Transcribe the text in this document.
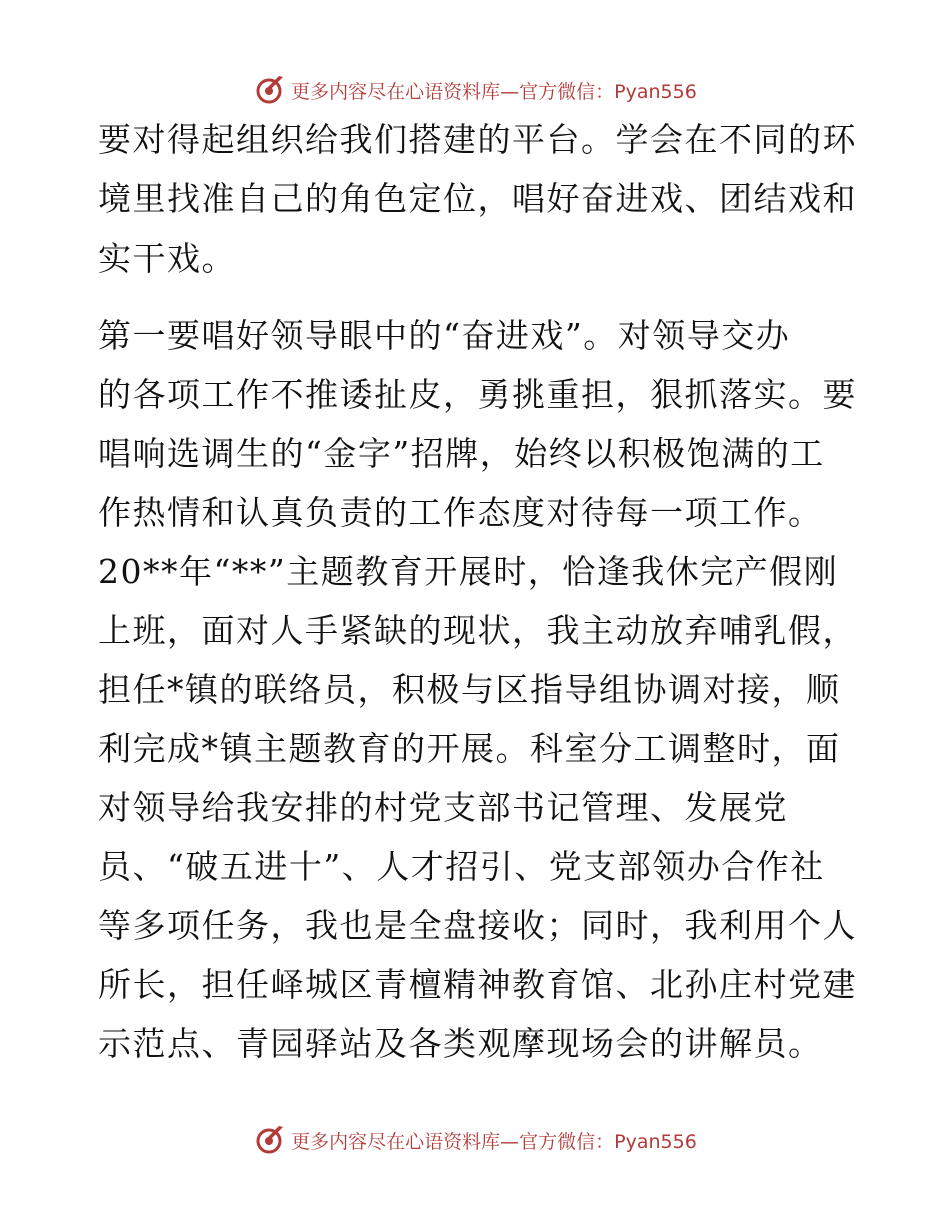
更多内容尽在心语资料库—官方微信：Pyan556
要对得起组织给我们搭建的平台。学会在不同的环
境里找准自己的角色定位，唱好奋进戏、团结戏和
实干戏。
第一要唱好领导眼中的“奋进戏”。对领导交办
的各项工作不推诿扯皮，勇挑重担，狠抓落实。要
唱响选调生的“金字”招牌，始终以积极饱满的工
作热情和认真负责的工作态度对待每一项工作。
20**年“**”主题教育开展时，恰逢我休完产假刚
上班，面对人手紧缺的现状，我主动放弃哺乳假，
担任*镇的联络员，积极与区指导组协调对接，顺
利完成*镇主题教育的开展。科室分工调整时，面
对领导给我安排的村党支部书记管理、发展党
员、“破五进十”、人才招引、党支部领办合作社
等多项任务，我也是全盘接收；同时，我利用个人
所长，担任峄城区青檀精神教育馆、北孙庄村党建
示范点、青园驿站及各类观摩现场会的讲解员。
更多内容尽在心语资料库—官方微信：Pyan556
